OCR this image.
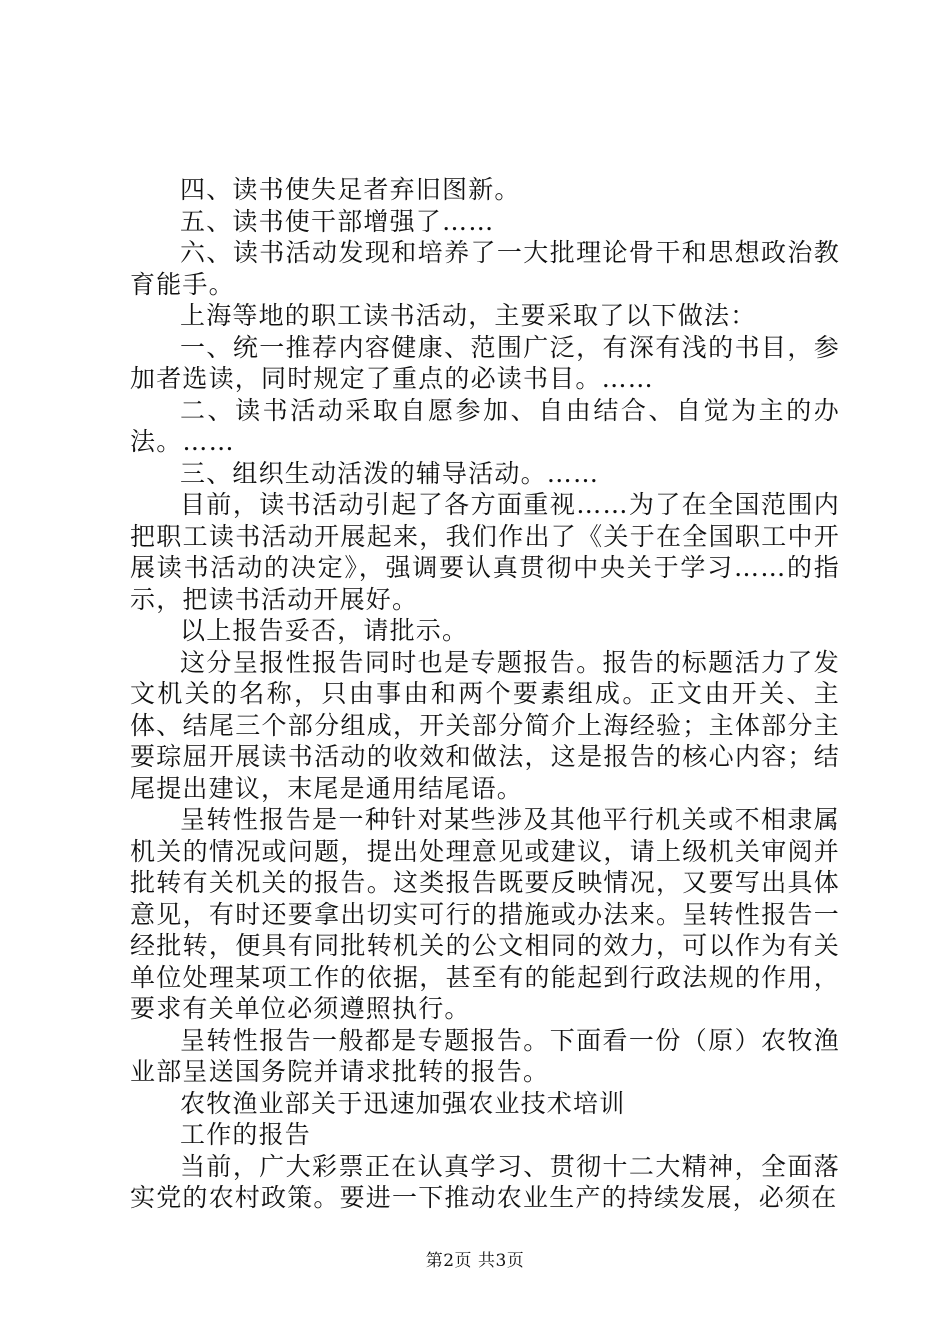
四、读书使失足者弃旧图新。

五、读书使干部增强了……

六、读书活动发现和培养了一大批理论骨干和思想政治教育能手。

上海等地的职工读书活动，主要采取了以下做法：

一、统一推荐内容健康、范围广泛，有深有浅的书目，参加者选读，同时规定了重点的必读书目。……

二、读书活动采取自愿参加、自由结合、自觉为主的办法。……

三、组织生动活泼的辅导活动。……

目前，读书活动引起了各方面重视……为了在全国范围内把职工读书活动开展起来，我们作出了《关于在全国职工中开展读书活动的决定》，强调要认真贯彻中央关于学习……的指示，把读书活动开展好。

以上报告妥否，请批示。

这分呈报性报告同时也是专题报告。报告的标题活力了发文机关的名称，只由事由和两个要素组成。正文由开关、主体、结尾三个部分组成，开关部分简介上海经验；主体部分主要琮屈开展读书活动的收效和做法，这是报告的核心内容；结尾提出建议，末尾是通用结尾语。

呈转性报告是一种针对某些涉及其他平行机关或不相隶属机关的情况或问题，提出处理意见或建议，请上级机关审阅并批转有关机关的报告。这类报告既要反映情况，又要写出具体意见，有时还要拿出切实可行的措施或办法来。呈转性报告一经批转，便具有同批转机关的公文相同的效力，可以作为有关单位处理某项工作的依据，甚至有的能起到行政法规的作用，要求有关单位必须遵照执行。

呈转性报告一般都是专题报告。下面看一份（原）农牧渔业部呈送国务院并请求批转的报告。

农牧渔业部关于迅速加强农业技术培训

工作的报告

当前，广大彩票正在认真学习、贯彻十二大精神，全面落实党的农村政策。要进一下推动农业生产的持续发展，必须在

第2页 共3页
